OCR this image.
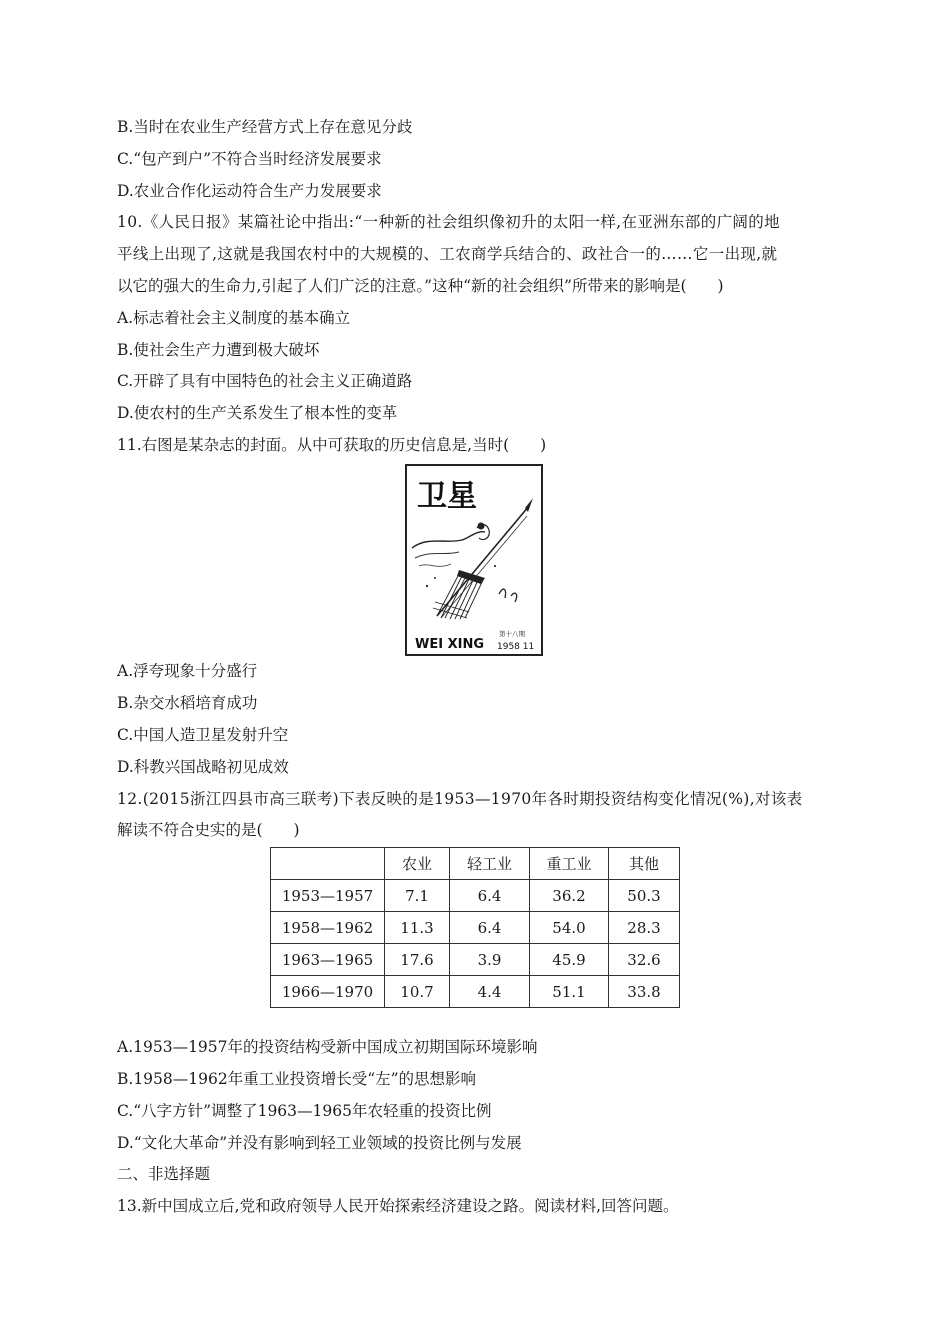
B.当时在农业生产经营方式上存在意见分歧
C.“包产到户”不符合当时经济发展要求
D.农业合作化运动符合生产力发展要求
10.《人民日报》某篇社论中指出:“一种新的社会组织像初升的太阳一样,在亚洲东部的广阔的地
平线上出现了,这就是我国农村中的大规模的、工农商学兵结合的、政社合一的……它一出现,就
以它的强大的生命力,引起了人们广泛的注意。”这种“新的社会组织”所带来的影响是(　　)
A.标志着社会主义制度的基本确立
B.使社会生产力遭到极大破坏
C.开辟了具有中国特色的社会主义正确道路
D.使农村的生产关系发生了根本性的变革
11.右图是某杂志的封面。从中可获取的历史信息是,当时(　　)
卫星
WEI XING
第十八期
1958 11
A.浮夸现象十分盛行
B.杂交水稻培育成功
C.中国人造卫星发射升空
D.科教兴国战略初见成效
12.(2015浙江四县市高三联考)下表反映的是1953—1970年各时期投资结构变化情况(%),对该表
解读不符合史实的是(　　)
	农业	轻工业	重工业	其他
1953—1957	7.1	6.4	36.2	50.3
1958—1962	11.3	6.4	54.0	28.3
1963—1965	17.6	3.9	45.9	32.6
1966—1970	10.7	4.4	51.1	33.8
A.1953—1957年的投资结构受新中国成立初期国际环境影响
B.1958—1962年重工业投资增长受“左”的思想影响
C.“八字方针”调整了1963—1965年农轻重的投资比例
D.“文化大革命”并没有影响到轻工业领域的投资比例与发展
二、非选择题
13.新中国成立后,党和政府领导人民开始探索经济建设之路。阅读材料,回答问题。
